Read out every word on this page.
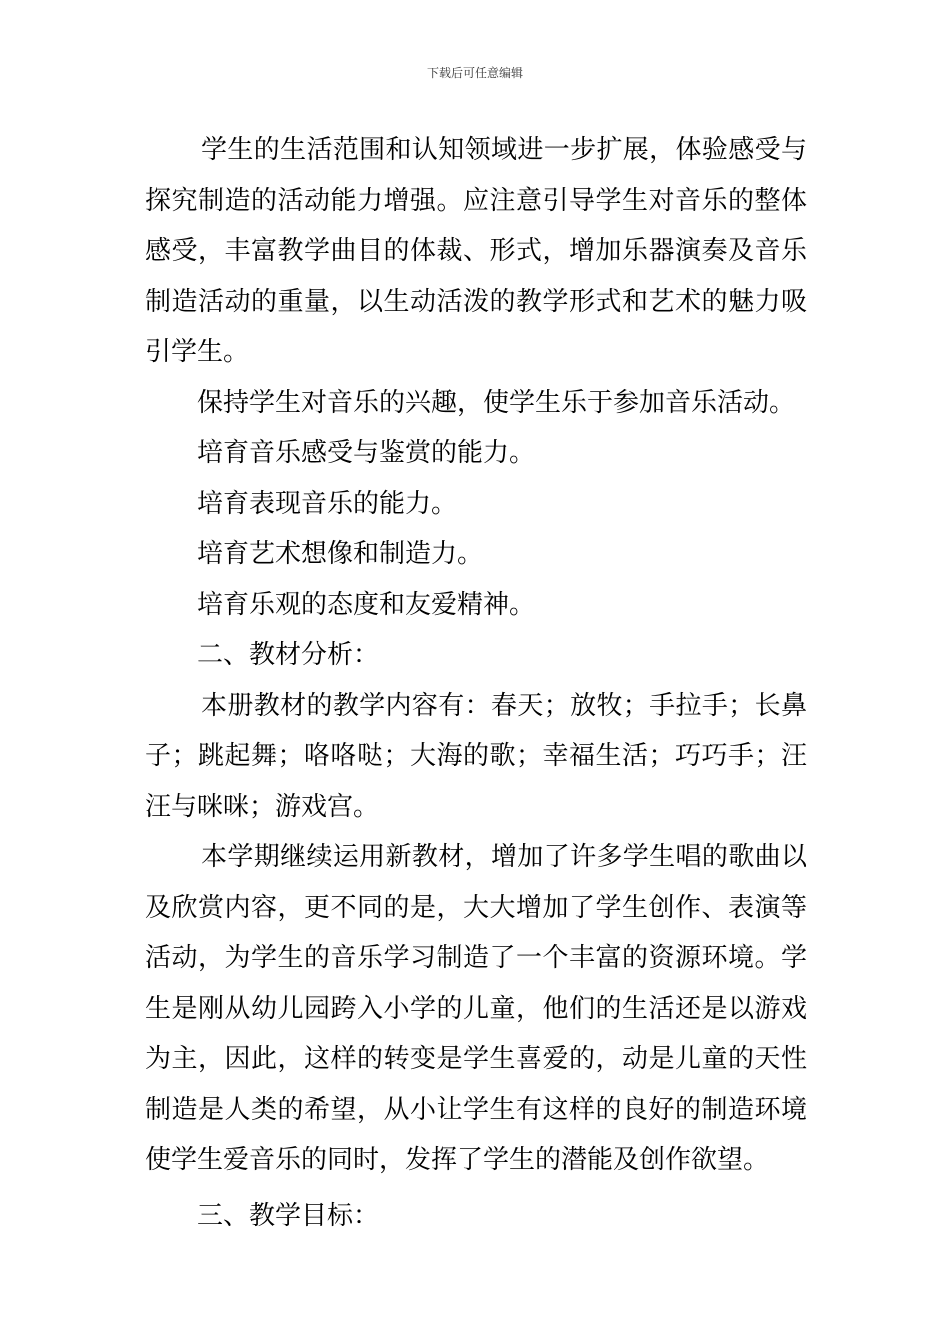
下载后可任意编辑

学生的生活范围和认知领域进一步扩展，体验感受与探究制造的活动能力增强。应注意引导学生对音乐的整体感受，丰富教学曲目的体裁、形式，增加乐器演奏及音乐制造活动的重量，以生动活泼的教学形式和艺术的魅力吸引学生。

保持学生对音乐的兴趣，使学生乐于参加音乐活动。

培育音乐感受与鉴赏的能力。

培育表现音乐的能力。

培育艺术想像和制造力。

培育乐观的态度和友爱精神。

二、教材分析：

本册教材的教学内容有：春天；放牧；手拉手；长鼻子；跳起舞；咯咯哒；大海的歌；幸福生活；巧巧手；汪汪与咪咪；游戏宫。

本学期继续运用新教材，增加了许多学生唱的歌曲以及欣赏内容，更不同的是，大大增加了学生创作、表演等活动，为学生的音乐学习制造了一个丰富的资源环境。学生是刚从幼儿园跨入小学的儿童，他们的生活还是以游戏为主，因此，这样的转变是学生喜爱的，动是儿童的天性制造是人类的希望，从小让学生有这样的良好的制造环境使学生爱音乐的同时，发挥了学生的潜能及创作欲望。

三、教学目标：
